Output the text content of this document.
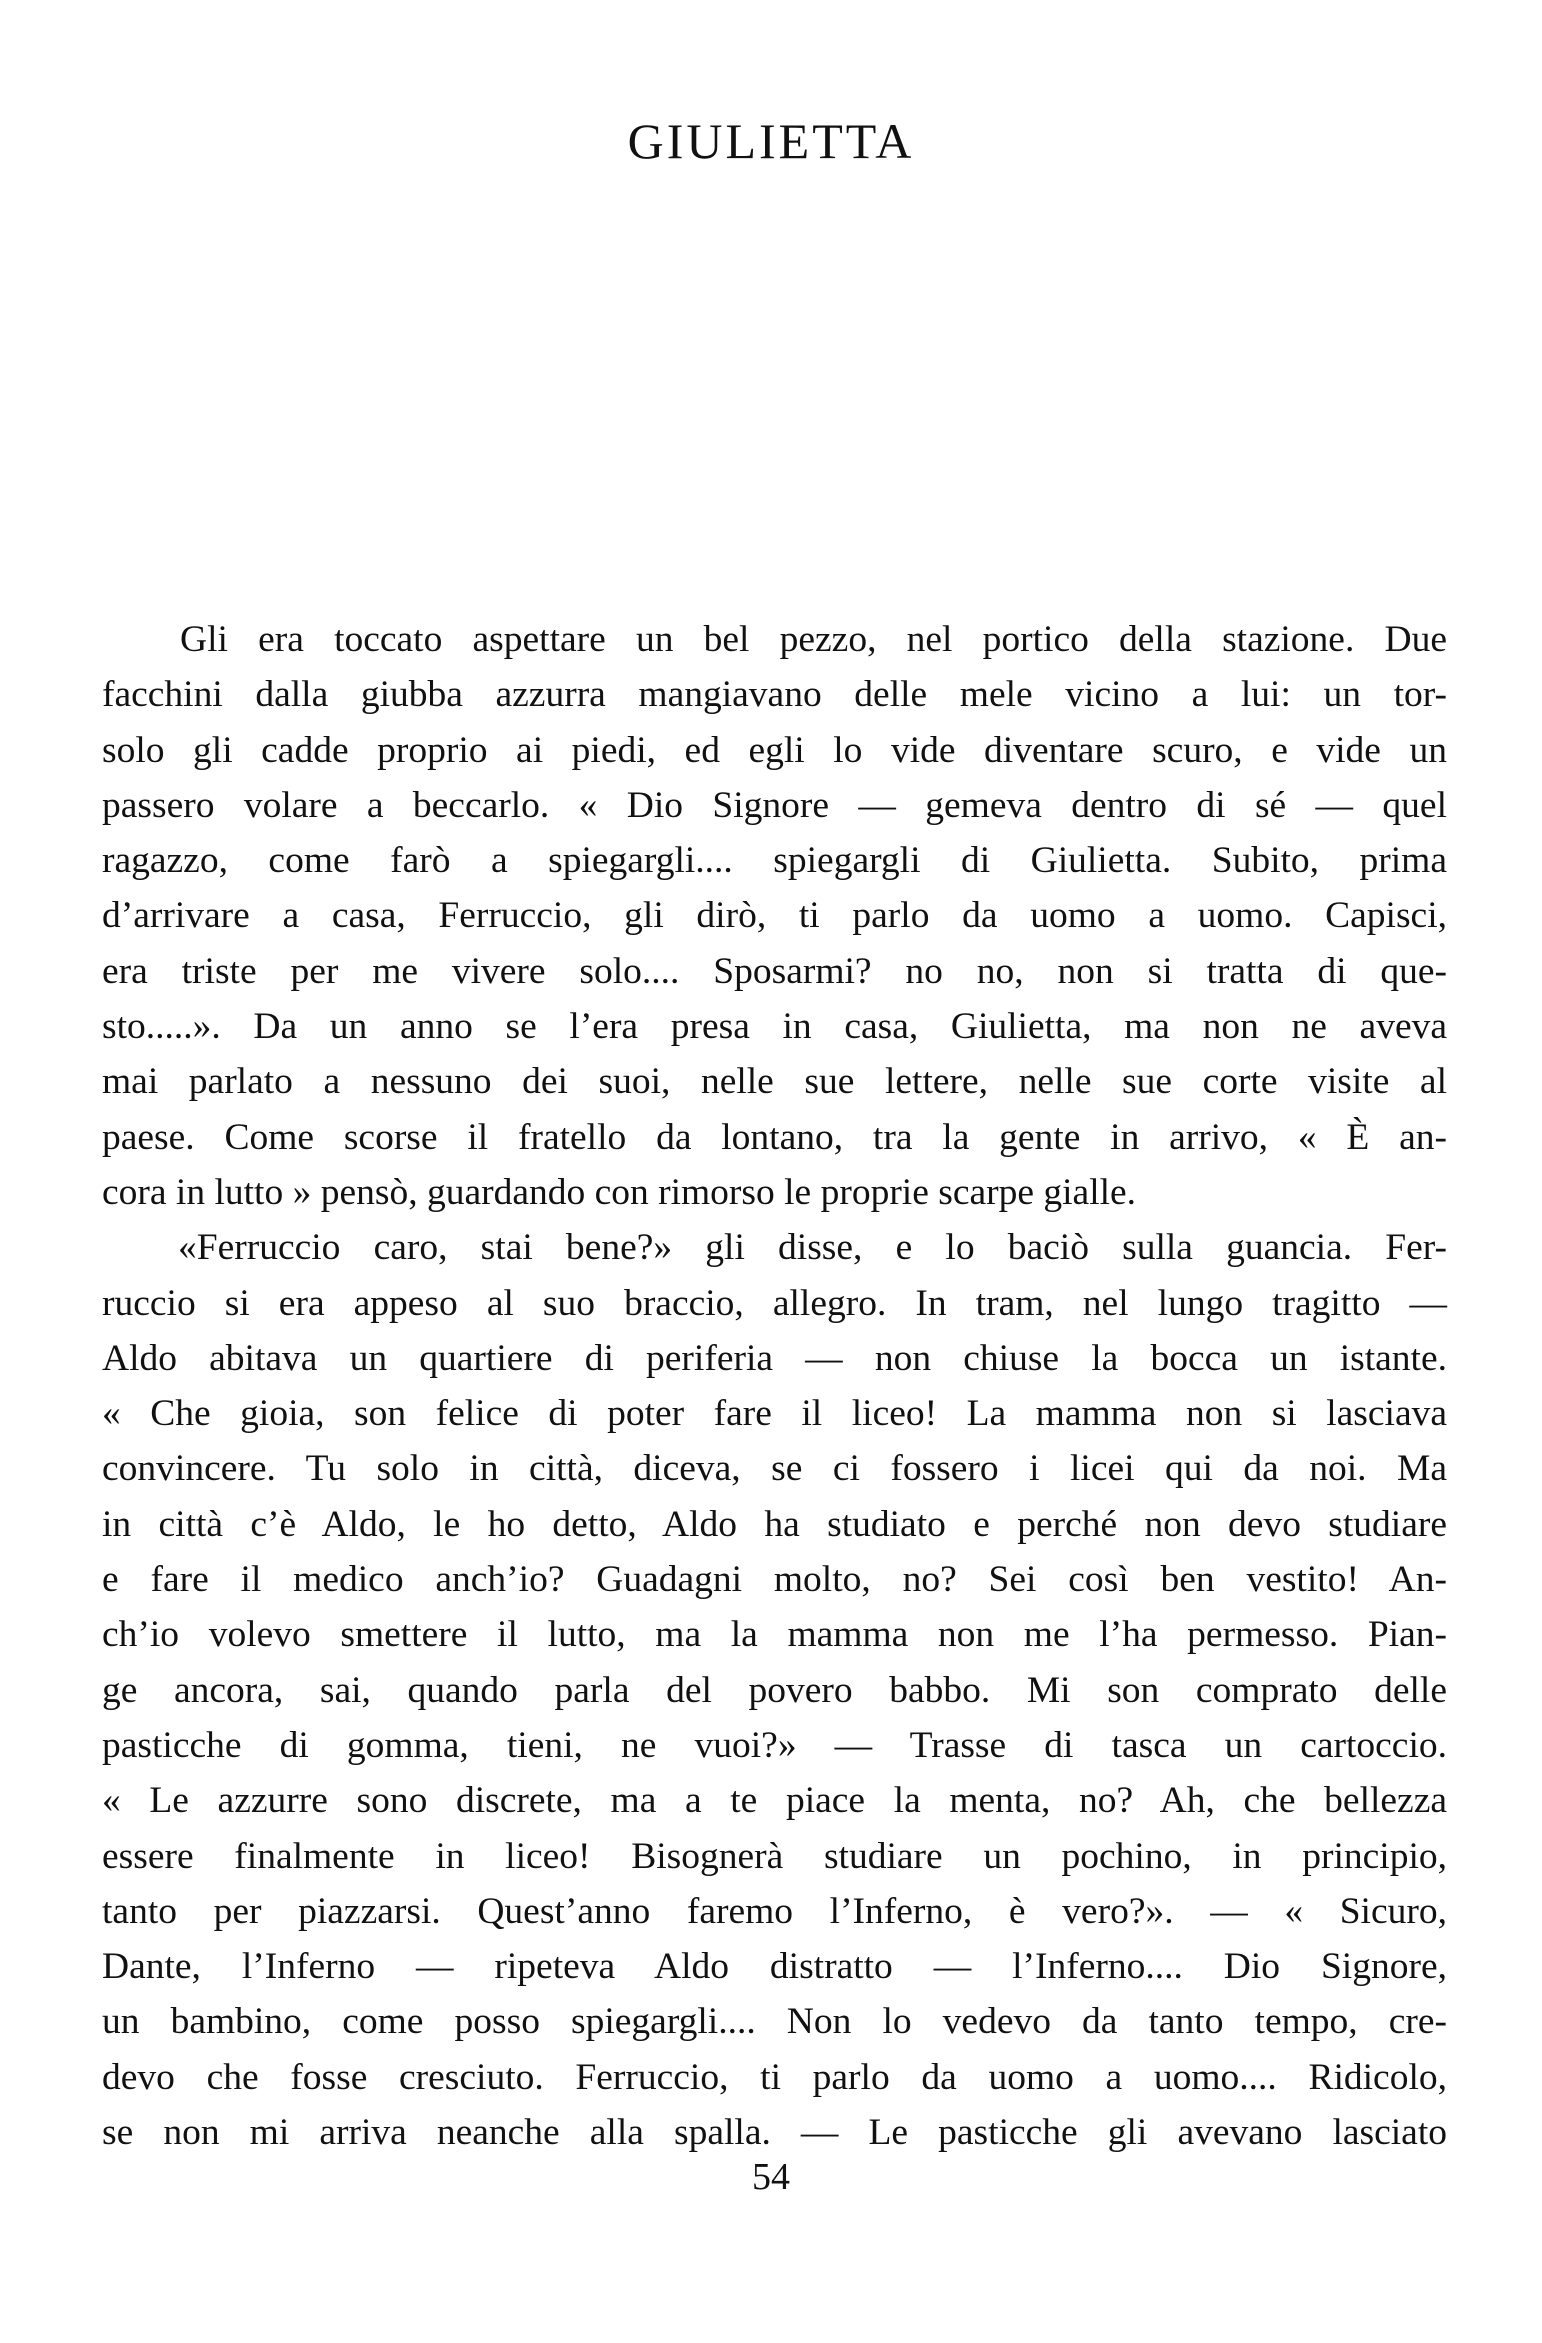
GIULIETTA
Gli era toccato aspettare un bel pezzo, nel portico della stazione. Due
facchini dalla giubba azzurra mangiavano delle mele vicino a lui: un tor-
solo gli cadde proprio ai piedi, ed egli lo vide diventare scuro, e vide un
passero volare a beccarlo. « Dio Signore — gemeva dentro di sé — quel
ragazzo, come farò a spiegargli.... spiegargli di Giulietta. Subito, prima
d’arrivare a casa, Ferruccio, gli dirò, ti parlo da uomo a uomo. Capisci,
era triste per me vivere solo.... Sposarmi? no no, non si tratta di que-
sto.....». Da un anno se l’era presa in casa, Giulietta, ma non ne aveva
mai parlato a nessuno dei suoi, nelle sue lettere, nelle sue corte visite al
paese. Come scorse il fratello da lontano, tra la gente in arrivo, « È an-
cora in lutto » pensò, guardando con rimorso le proprie scarpe gialle.
«Ferruccio caro, stai bene?» gli disse, e lo baciò sulla guancia. Fer-
ruccio si era appeso al suo braccio, allegro. In tram, nel lungo tragitto —
Aldo abitava un quartiere di periferia — non chiuse la bocca un istante.
« Che gioia, son felice di poter fare il liceo! La mamma non si lasciava
convincere. Tu solo in città, diceva, se ci fossero i licei qui da noi. Ma
in città c’è Aldo, le ho detto, Aldo ha studiato e perché non devo studiare
e fare il medico anch’io? Guadagni molto, no? Sei così ben vestito! An-
ch’io volevo smettere il lutto, ma la mamma non me l’ha permesso. Pian-
ge ancora, sai, quando parla del povero babbo. Mi son comprato delle
pasticche di gomma, tieni, ne vuoi?» — Trasse di tasca un cartoccio.
« Le azzurre sono discrete, ma a te piace la menta, no? Ah, che bellezza
essere finalmente in liceo! Bisognerà studiare un pochino, in principio,
tanto per piazzarsi. Quest’anno faremo l’Inferno, è vero?». — « Sicuro,
Dante, l’Inferno — ripeteva Aldo distratto — l’Inferno.... Dio Signore,
un bambino, come posso spiegargli.... Non lo vedevo da tanto tempo, cre-
devo che fosse cresciuto. Ferruccio, ti parlo da uomo a uomo.... Ridicolo,
se non mi arriva neanche alla spalla. — Le pasticche gli avevano lasciato

54
